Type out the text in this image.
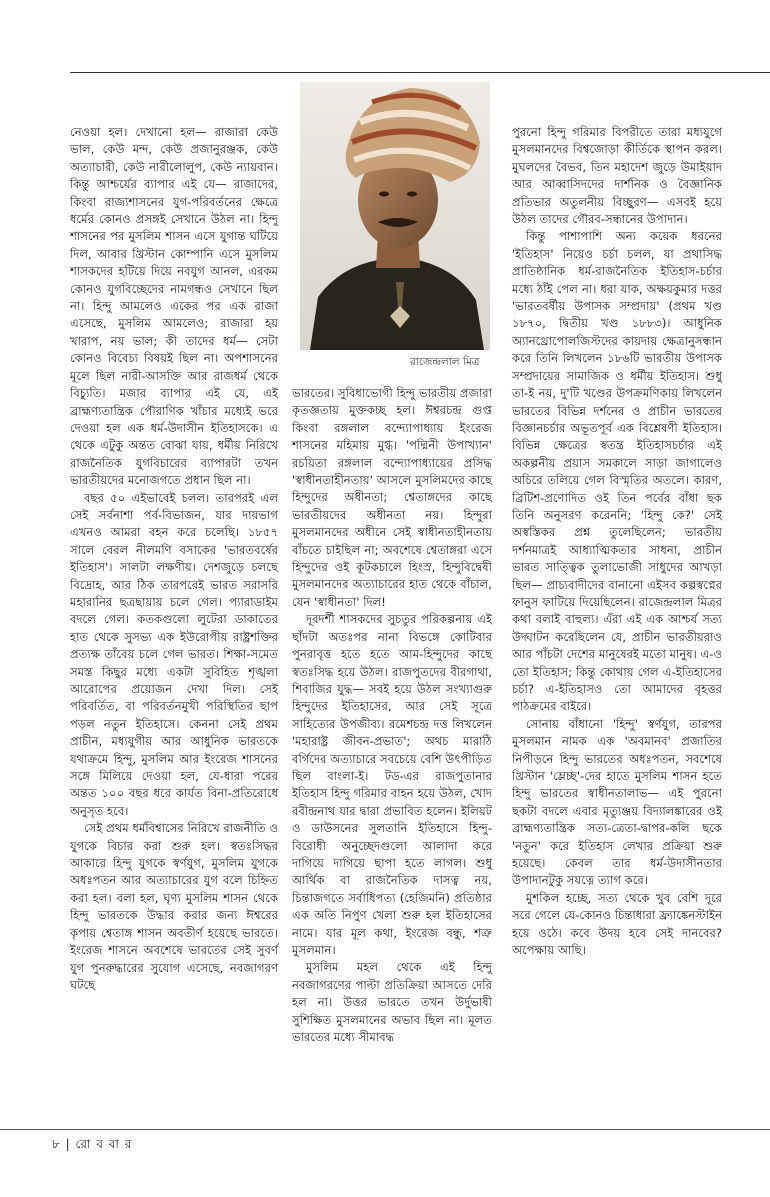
নেওয়া হল। দেখানো হল— রাজারা কেউ ভাল, কেউ মন্দ, কেউ প্রজানুরঞ্জক, কেউ অত্যাচারী, কেউ নারীলোলুপ, কেউ ন্যায়বান। কিন্তু আশ্চর্যের ব্যাপার এই যে— রাজাদের, কিংবা রাজ্যশাসনের যুগ-পরিবর্তনের ক্ষেত্রে ধর্মের কোনও প্রসঙ্গই সেখানে উঠল না। হিন্দু শাসনের পর মুসলিম শাসন এসে যুগান্ত ঘটিয়ে দিল, আবার খ্রিস্টান কোম্পানি এসে মুসলিম শাসকদের হটিয়ে দিয়ে নবযুগ আনল, এরকম কোনও যুগবিচ্ছেদের নামগন্ধও সেখানে ছিল না। হিন্দু আমলেও একের পর এক রাজা এসেছে, মুসলিম আমলেও; রাজারা হয় খারাপ, নয় ভাল; কী তাদের ধর্ম— সেটা কোনও বিবেচ্য বিষয়ই ছিল না। অপশাসনের মূলে ছিল নারী-আসক্তি আর রাজধর্ম থেকে বিচ্যুতি। মজার ব্যাপার এই যে, এই ব্রাহ্মণ্যতান্ত্রিক পৌরাণিক খাঁচার মধ্যেই ভরে দেওয়া হল এক ধর্ম-উদাসীন ইতিহাসকে। এ থেকে এটুকু অন্তত বোঝা যায়, ধর্মীয় নিরিখে রাজনৈতিক যুগবিচারের ব্যাপারটা তখন ভারতীয়দের মনোজগতে প্রধান ছিল না।

বছর ৫০ এইভাবেই চলল। তারপরই এল সেই সর্বনাশা পর্ব-বিভাজন, যার দায়ভাগ এখনও আমরা বহন করে চলেছি। ১৮৫৭ সালে বেরল নীলমণি বসাকের 'ভারতবর্ষের ইতিহাস'। সালটা লক্ষণীয়। দেশজুড়ে চলছে বিদ্রোহ, আর ঠিক তারপরেই ভারত সরাসরি মহারানির ছত্রছায়ায় চলে গেল। প্যারাডাইম বদলে গেল। কতকগুলো লুটেরা ডাকাতের হাত থেকে সুসভ্য এক ইউরোপীয় রাষ্ট্রশক্তির প্রত্যক্ষ তাঁবেয় চলে গেল ভারত। শিক্ষা-সমেত সমস্ত কিছুর মধ্যে একটা সুবিহিত শৃঙ্খলা আরোপের প্রয়োজন দেখা দিল। সেই পরিবর্তিত, বা পরিবর্তনমুখী পরিস্থিতির ছাপ পড়ল নতুন ইতিহাসে। কেননা সেই প্রথম প্রাচীন, মধ্যযুগীয় আর আধুনিক ভারতকে যথাক্রমে হিন্দু, মুসলিম আর ইংরেজ শাসনের সঙ্গে মিলিয়ে দেওয়া হল, যে-ধারা পরের অন্তত ১০০ বছর ধরে কার্যত বিনা-প্রতিরোধে অনুসৃত হবে।

সেই প্রথম ধর্মবিশ্বাসের নিরিখে রাজনীতি ও যুগকে বিচার করা শুরু হল। স্বতঃসিদ্ধর আকারে হিন্দু যুগকে স্বর্ণযুগ, মুসলিম যুগকে অধঃপতন আর অত্যাচারের যুগ বলে চিহ্নিত করা হল। বলা হল, ঘৃণ্য মুসলিম শাসন থেকে হিন্দু ভারতকে উদ্ধার করার জন্য ঈশ্বরের কৃপায় শ্বেতাঙ্গ শাসন অবতীর্ণ হয়েছে ভারতে। ইংরেজ শাসনে অবশেষে ভারতের সেই সুবর্ণ যুগ পুনরুদ্ধারের সুযোগ এসেছে, নবজাগরণ ঘটছে

রাজেন্দ্রলাল মিত্র

ভারতের। সুবিধাভোগী হিন্দু ভারতীয় প্রজারা কৃতজ্ঞতায় মুক্তকচ্ছ হল। ঈশ্বরচন্দ্র গুপ্ত কিংবা রঙ্গলাল বন্দ্যোপাধ্যায় ইংরেজ শাসনের মহিমায় মুগ্ধ। 'পদ্মিনী উপাখ্যান' রচয়িতা রঙ্গলাল বন্দ্যোপাধ্যায়ের প্রসিদ্ধ 'স্বাধীনতাহীনতায়' আসলে মুসলিমদের কাছে হিন্দুদের অধীনতা; শ্বেতাঙ্গদের কাছে ভারতীয়দের অধীনতা নয়। হিন্দুরা মুসলমানদের অধীনে সেই স্বাধীনতাহীনতায় বাঁচতে চাইছিল না; অবশেষে শ্বেতাঙ্গরা এসে হিন্দুদের ওই কূটকচালে হিংস্র, হিন্দুবিদ্বেষী মুসলমানদের অত্যাচারের হাত থেকে বাঁচাল, যেন 'স্বাধীনতা' দিল!

দূরদর্শী শাসকদের সুচতুর পরিকল্পনায় এই ছাঁদটা অতঃপর নানা বিভঙ্গে কোটিবার পুনরাবৃত্ত হতে হতে আম-হিন্দুদের কাছে স্বতঃসিদ্ধ হয়ে উঠল। রাজপুতদের বীরগাথা, শিবাজির যুদ্ধ— সবই হয়ে উঠল সংখ্যাগুরু হিন্দুদের ইতিহাসের, আর সেই সূত্রে সাহিত্যের উপজীব্য। রমেশচন্দ্র দত্ত লিখলেন 'মহারাষ্ট্র জীবন-প্রভাত'; অথচ মারাঠি বর্গিদের অত্যাচারে সবচেয়ে বেশি উৎপীড়িত ছিল বাংলা-ই। টড-এর রাজপুতানার ইতিহাস হিন্দু গরিমার বাহন হয়ে উঠল, খোদ রবীন্দ্রনাথ যার দ্বারা প্রভাবিত হলেন। ইলিয়ট ও ডাউসনের সুলতানি ইতিহাসে হিন্দু-বিরোধী অনুচ্ছেদগুলো আলাদা করে দাগিয়ে দাগিয়ে ছাপা হতে লাগল। শুধু আর্থিক বা রাজনৈতিক দাসত্ব নয়, চিন্তাজগতে সর্বাধিপত্য (হেজিমনি) প্রতিষ্ঠার এক অতি নিপুণ খেলা শুরু হল ইতিহাসের নামে। যার মূল কথা, ইংরেজ বন্ধু, শত্রু মুসলমান।

মুসলিম মহল থেকে এই হিন্দু নবজাগরণের পাল্টা প্রতিক্রিয়া আসতে দেরি হল না। উত্তর ভারতে তখন উর্দুভাষী সুশিক্ষিত মুসলমানের অভাব ছিল না। মূলত ভারতের মধ্যে সীমাবদ্ধ

পুরনো হিন্দু গরিমার বিপরীতে তারা মধ্যযুগে মুসলমানদের বিশ্বজোড়া কীর্তিকে স্থাপন করল। মুঘলদের বৈভব, তিন মহাদেশ জুড়ে উমাইয়াদ আর আব্বাসিদদের দার্শনিক ও বৈজ্ঞানিক প্রতিভার অতুলনীয় বিচ্ছুরণ— এসবই হয়ে উঠল তাদের গৌরব-সন্ধানের উপাদান।

কিন্তু পাশাপাশি অন্য কয়েক ধরনের 'ইতিহাস' নিয়েও চর্চা চলল, যা প্রথাসিদ্ধ প্রাতিষ্ঠানিক ধর্ম-রাজনৈতিক ইতিহাস-চর্চার মধ্যে ঠাঁই পেল না। ধরা যাক, অক্ষয়কুমার দত্তর 'ভারতবর্ষীয় উপাসক সম্প্রদায়' (প্রথম খণ্ড ১৮৭০, দ্বিতীয় খণ্ড ১৮৮৩)। আধুনিক অ্যানথ্রোপোলজিস্টদের কায়দায় ক্ষেত্রানুসন্ধান করে তিনি লিখলেন ১৮৬টি ভারতীয় উপাসক সম্প্রদায়ের সামাজিক ও ধর্মীয় ইতিহাস। শুধু তা-ই নয়, দু'টি খণ্ডের উপক্রমণিকায় লিখলেন ভারতের বিভিন্ন দর্শনের ও প্রাচীন ভারতের বিজ্ঞানচর্চার অভূতপূর্ব এক বিশ্লেষণী ইতিহাস। বিভিন্ন ক্ষেত্রের স্বতন্ত্র ইতিহাসচর্চার এই অকল্পনীয় প্রয়াস সমকালে সাড়া জাগালেও অচিরে তলিয়ে গেল বিস্মৃতির অতলে। কারণ, ব্রিটিশ-প্রণোদিত ওই তিন পর্বের বাঁধা ছক তিনি অনুসরণ করেননি; 'হিন্দু কে?' সেই অস্বস্তিকর প্রশ্ন তুলেছিলেন; ভারতীয় দর্শনমাত্রই আধ্যাত্মিকতার সাধনা, প্রাচীন ভারত সাত্ত্বিক তুলাভোজী সাধুদের আখড়া ছিল— প্রাচ্যবাদীদের বানানো এইসব কল্পস্বপ্নের ফানুস ফাটিয়ে দিয়েছিলেন। রাজেন্দ্রলাল মিত্রর কথা বলাই বাহুল্য। এঁরা এই এক আশ্চর্য সত্য উদ্ঘাটন করেছিলেন যে, প্রাচীন ভারতীয়রাও আর পাঁচটা দেশের মানুষেরই মতো মানুষ। এ-ও তো ইতিহাস; কিন্তু কোথায় গেল এ-ইতিহাসের চর্চা? এ-ইতিহাসও তো আমাদের বৃহত্তর পাঠক্রমের বাইরে।

সোনায় বাঁধানো 'হিন্দু' স্বর্ণযুগ, তারপর মুসলমান নামক এক 'অবমানব' প্রজাতির নিপীড়নে হিন্দু ভারতের অধঃপতন, সবশেষে খ্রিস্টান 'ম্লেচ্ছ'-দের হাতে মুসলিম শাসন হতে হিন্দু ভারতের স্বাধীনতালাভ— এই পুরনো ছকটা বদলে এবার মৃত্যুঞ্জয় বিদ্যালঙ্কারের ওই ব্রাহ্মণ্যতান্ত্রিক সত্য-ত্রেতা-দ্বাপর-কলি ছকে 'নতুন' করে ইতিহাস লেখার প্রক্রিয়া শুরু হয়েছে। কেবল তার ধর্ম-উদাসীনতার উপাদানটুকু সযত্নে ত্যাগ করে।

মুশকিল হচ্ছে, সত্য থেকে খুব বেশি দূরে সরে গেলে যে-কোনও চিন্তাধারা ফ্র্যাঙ্কেনস্টাইন হয়ে ওঠে। কবে উদয় হবে সেই দানবের? অপেক্ষায় আছি।

৮ | রো ব বা র
